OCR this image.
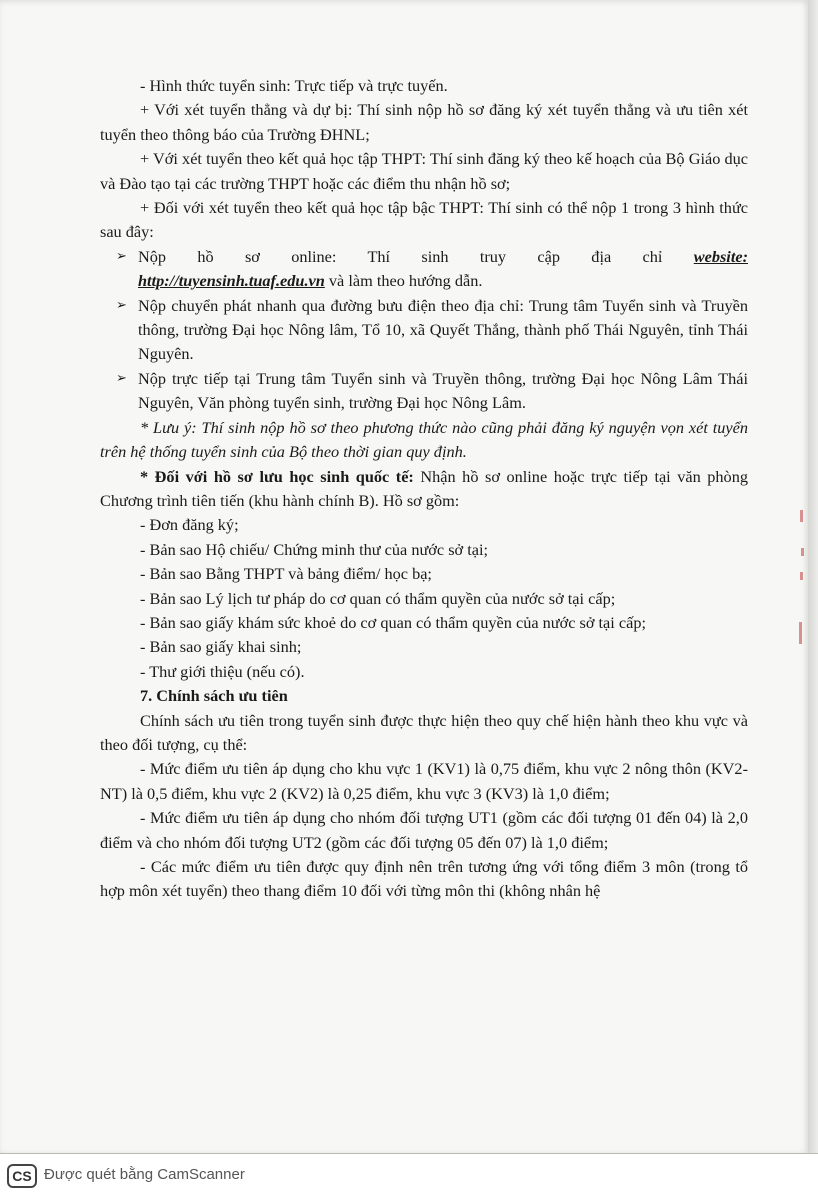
- Hình thức tuyển sinh: Trực tiếp và trực tuyến.

+ Với xét tuyển thẳng và dự bị: Thí sinh nộp hồ sơ đăng ký xét tuyển thẳng và ưu tiên xét tuyển theo thông báo của Trường ĐHNL;

+ Với xét tuyển theo kết quả học tập THPT: Thí sinh đăng ký theo kế hoạch của Bộ Giáo dục và Đào tạo tại các trường THPT hoặc các điểm thu nhận hồ sơ;

+ Đối với xét tuyển theo kết quả học tập bậc THPT: Thí sinh có thể nộp 1 trong 3 hình thức sau đây:

➢ Nộp hồ sơ online: Thí sinh truy cập địa chỉ website:
http://tuyensinh.tuaf.edu.vn và làm theo hướng dẫn.

➢ Nộp chuyển phát nhanh qua đường bưu điện theo địa chỉ: Trung tâm Tuyển sinh và Truyền thông, trường Đại học Nông lâm, Tổ 10, xã Quyết Thắng, thành phố Thái Nguyên, tỉnh Thái Nguyên.

➢ Nộp trực tiếp tại Trung tâm Tuyển sinh và Truyền thông, trường Đại học Nông Lâm Thái Nguyên, Văn phòng tuyển sinh, trường Đại học Nông Lâm.

* Lưu ý: Thí sinh nộp hồ sơ theo phương thức nào cũng phải đăng ký nguyện vọn xét tuyển trên hệ thống tuyển sinh của Bộ theo thời gian quy định.

* Đối với hồ sơ lưu học sinh quốc tế: Nhận hồ sơ online hoặc trực tiếp tại văn phòng Chương trình tiên tiến (khu hành chính B). Hồ sơ gồm:

- Đơn đăng ký;

- Bản sao Hộ chiếu/ Chứng minh thư của nước sở tại;

- Bản sao Bằng THPT và bảng điểm/ học bạ;

- Bản sao Lý lịch tư pháp do cơ quan có thẩm quyền của nước sở tại cấp;

- Bản sao giấy khám sức khoẻ do cơ quan có thẩm quyền của nước sở tại cấp;

- Bản sao giấy khai sinh;

- Thư giới thiệu (nếu có).

7. Chính sách ưu tiên

Chính sách ưu tiên trong tuyển sinh được thực hiện theo quy chế hiện hành theo khu vực và theo đối tượng, cụ thể:

- Mức điểm ưu tiên áp dụng cho khu vực 1 (KV1) là 0,75 điểm, khu vực 2 nông thôn (KV2-NT) là 0,5 điểm, khu vực 2 (KV2) là 0,25 điểm, khu vực 3 (KV3) là 1,0 điểm;

- Mức điểm ưu tiên áp dụng cho nhóm đối tượng UT1 (gồm các đối tượng 01 đến 04) là 2,0 điểm và cho nhóm đối tượng UT2 (gồm các đối tượng 05 đến 07) là 1,0 điểm;

- Các mức điểm ưu tiên được quy định nên trên tương ứng với tổng điểm 3 môn (trong tổ hợp môn xét tuyển) theo thang điểm 10 đối với từng môn thi (không nhân hệ

CS Được quét bằng CamScanner
